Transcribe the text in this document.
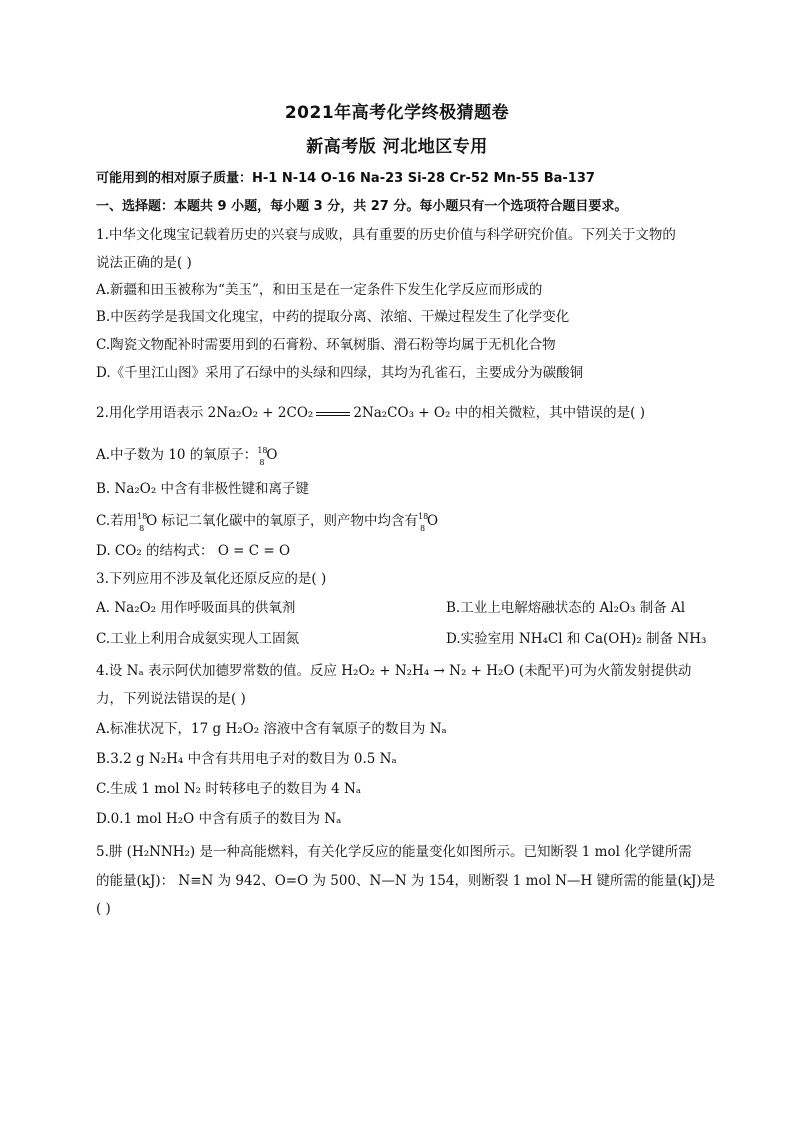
2021年高考化学终极猜题卷
新高考版 河北地区专用
可能用到的相对原子质量：H-1 N-14 O-16 Na-23 Si-28 Cr-52 Mn-55 Ba-137
一、选择题：本题共 9 小题，每小题 3 分，共 27 分。每小题只有一个选项符合题目要求。
1.中华文化瑰宝记载着历史的兴衰与成败，具有重要的历史价值与科学研究价值。下列关于文物的
说法正确的是( )
A.新疆和田玉被称为“美玉”，和田玉是在一定条件下发生化学反应而形成的
B.中医药学是我国文化瑰宝，中药的提取分离、浓缩、干燥过程发生了化学变化
C.陶瓷文物配补时需要用到的石膏粉、环氧树脂、滑石粉等均属于无机化合物
D.《千里江山图》采用了石绿中的头绿和四绿，其均为孔雀石，主要成分为碳酸铜
2.用化学用语表示 2Na₂O₂ + 2CO₂	2Na₂CO₃ + O₂ 中的相关微粒，其中错误的是( )
A.中子数为 10 的氧原子： 18
8 O
B. Na₂O₂ 中含有非极性键和离子键
C.若用 18
8 O 标记二氧化碳中的氧原子，则产物中均含有 18
8 O
D. CO₂ 的结构式： O = C = O
3.下列应用不涉及氧化还原反应的是( )
A. Na₂O₂ 用作呼吸面具的供氧剂	B.工业上电解熔融状态的 Al₂O₃ 制备 Al
C.工业上利用合成氨实现人工固氮	D.实验室用 NH₄Cl 和 Ca(OH)₂ 制备 NH₃
4.设 Nₐ 表示阿伏加德罗常数的值。反应 H₂O₂ + N₂H₄ → N₂ + H₂O (未配平)可为火箭发射提供动
力，下列说法错误的是( )
A.标准状况下，17 g H₂O₂ 溶液中含有氧原子的数目为 Nₐ
B.3.2 g N₂H₄ 中含有共用电子对的数目为 0.5 Nₐ
C.生成 1 mol N₂ 时转移电子的数目为 4 Nₐ
D.0.1 mol H₂O 中含有质子的数目为 Nₐ
5.肼 (H₂NNH₂) 是一种高能燃料，有关化学反应的能量变化如图所示。已知断裂 1 mol 化学键所需
的能量(kJ)： N≡N 为 942、O=O 为 500、N—N 为 154，则断裂 1 mol N—H 键所需的能量(kJ)是
( )
